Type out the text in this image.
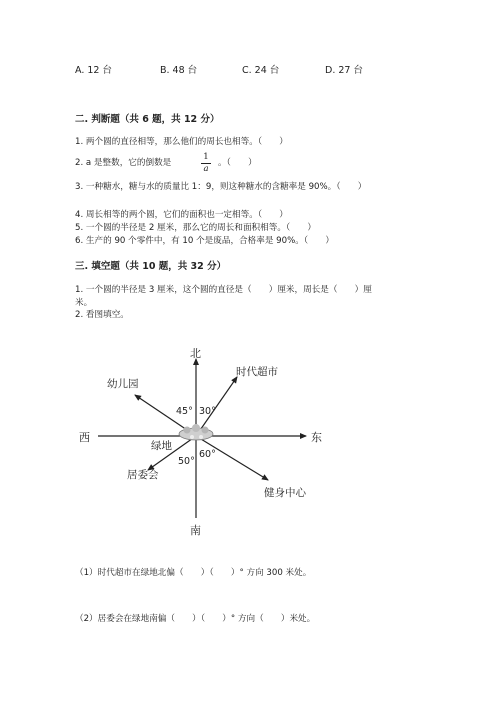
A. 12 台	B. 48 台	C. 24 台	D. 27 台
二. 判断题（共 6 题，共 12 分）
1. 两个圆的直径相等，那么他们的周长也相等。（　　）
2. a 是整数，它的倒数是	$\frac{1}{a}$ 。（　　）
3. 一种糖水，糖与水的质量比 1：9，则这种糖水的含糖率是 90%。（　　）
4. 周长相等的两个圆，它们的面积也一定相等。（　　）
5. 一个圆的半径是 2 厘米，那么它的周长和面积相等。（　　）
6. 生产的 90 个零件中，有 10 个是废品，合格率是 90%。（　　）
三. 填空题（共 10 题，共 32 分）
1. 一个圆的半径是 3 厘米，这个圆的直径是（　　）厘米，周长是（　　）厘
米。
2. 看图填空。
北
南
东
西
绿地
幼儿园
时代超市
居委会
健身中心
45° 30°
50°
60°
（1）时代超市在绿地北偏（　　）（　　）° 方向 300 米处。
（2）居委会在绿地南偏（　　）（　　）° 方向（　　）米处。
